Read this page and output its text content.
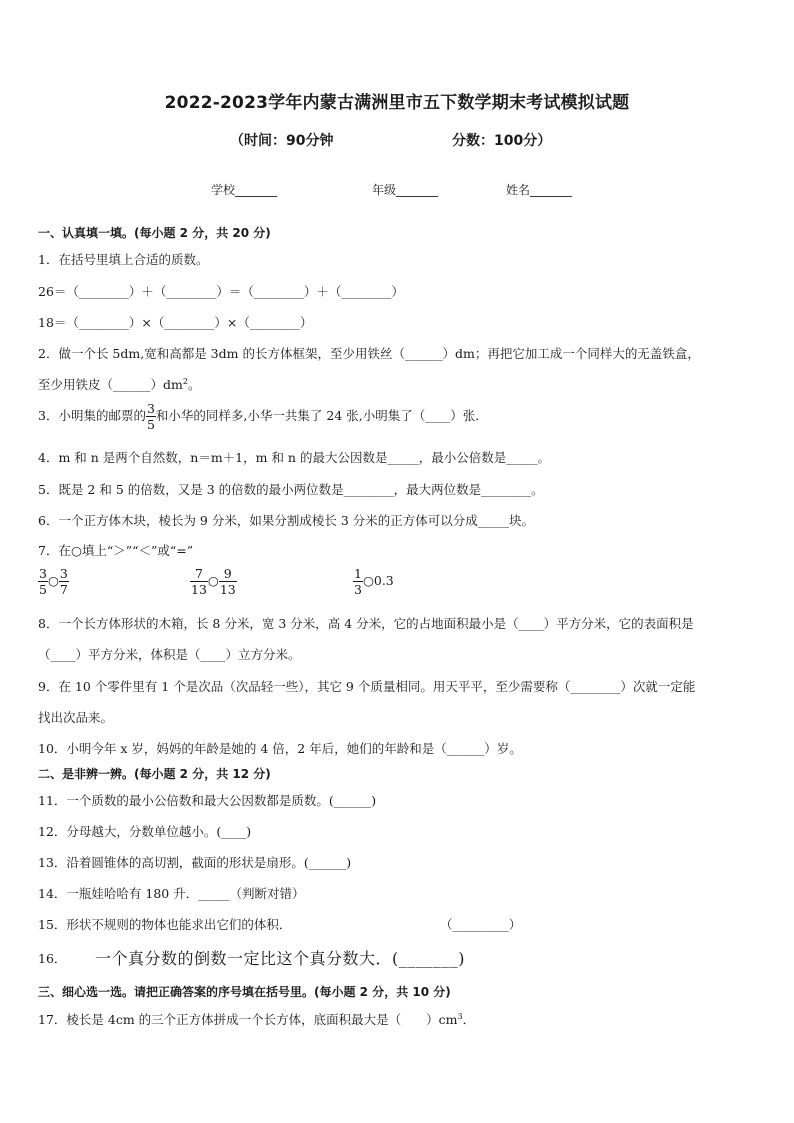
2022-2023学年内蒙古满洲里市五下数学期末考试模拟试题
（时间：90分钟	分数：100分）
学校_______	年级_______	姓名_______
一、认真填一填。(每小题 2 分，共 20 分)
1．在括号里填上合适的质数。
26＝（________）＋（________）＝（________）＋（________）
18＝（________）×（________）×（________）
2．做一个长 5dm,宽和高都是 3dm 的长方体框架，至少用铁丝（______）dm；再把它加工成一个同样大的无盖铁盒，
至少用铁皮$(\_\_\_\_\_\_)dm^2$。
3．小明集的邮票的 $\frac{3}{5}$ 和小华的同样多,小华一共集了 24 张,小明集了（____）张．
4．m 和 n 是两个自然数，n＝m＋1，m 和 n 的最大公因数是_____，最小公倍数是_____。
5．既是 2 和 5 的倍数，又是 3 的倍数的最小两位数是________，最大两位数是________。
6．一个正方体木块，棱长为 9 分米，如果分割成棱长 3 分米的正方体可以分成_____块。
7．在○填上“＞”“＜”或“=”
$\frac{3}{5}$ ○ $\frac{3}{7}$	$\frac{7}{13}$ ○ $\frac{9}{13}$	$\frac{1}{3}$ ○0.3
8．一个长方体形状的木箱，长 8 分米，宽 3 分米，高 4 分米，它的占地面积最小是（____）平方分米，它的表面积是
（____）平方分米，体积是（____）立方分米。
9．在 10 个零件里有 1 个是次品（次品轻一些），其它 9 个质量相同。用天平平，至少需要称（________）次就一定能
找出次品来。
10．小明今年 x 岁，妈妈的年龄是她的 4 倍，2 年后，她们的年龄和是（______）岁。
二、是非辨一辨。(每小题 2 分，共 12 分)
11．一个质数的最小公倍数和最大公因数都是质数。(______)
12．分母越大，分数单位越小。(____)
13．沿着圆锥体的高切割，截面的形状是扇形。(______)
14．一瓶娃哈哈有 180 升．_____（判断对错）
15．形状不规则的物体也能求出它们的体积．	（_________）
16． 一个真分数的倒数一定比这个真分数大．(_______)
三、细心选一选。请把正确答案的序号填在括号里。(每小题 2 分，共 10 分)
17．棱长是 4cm 的三个正方体拼成一个长方体，底面积最大是（　　）$cm^3$．
